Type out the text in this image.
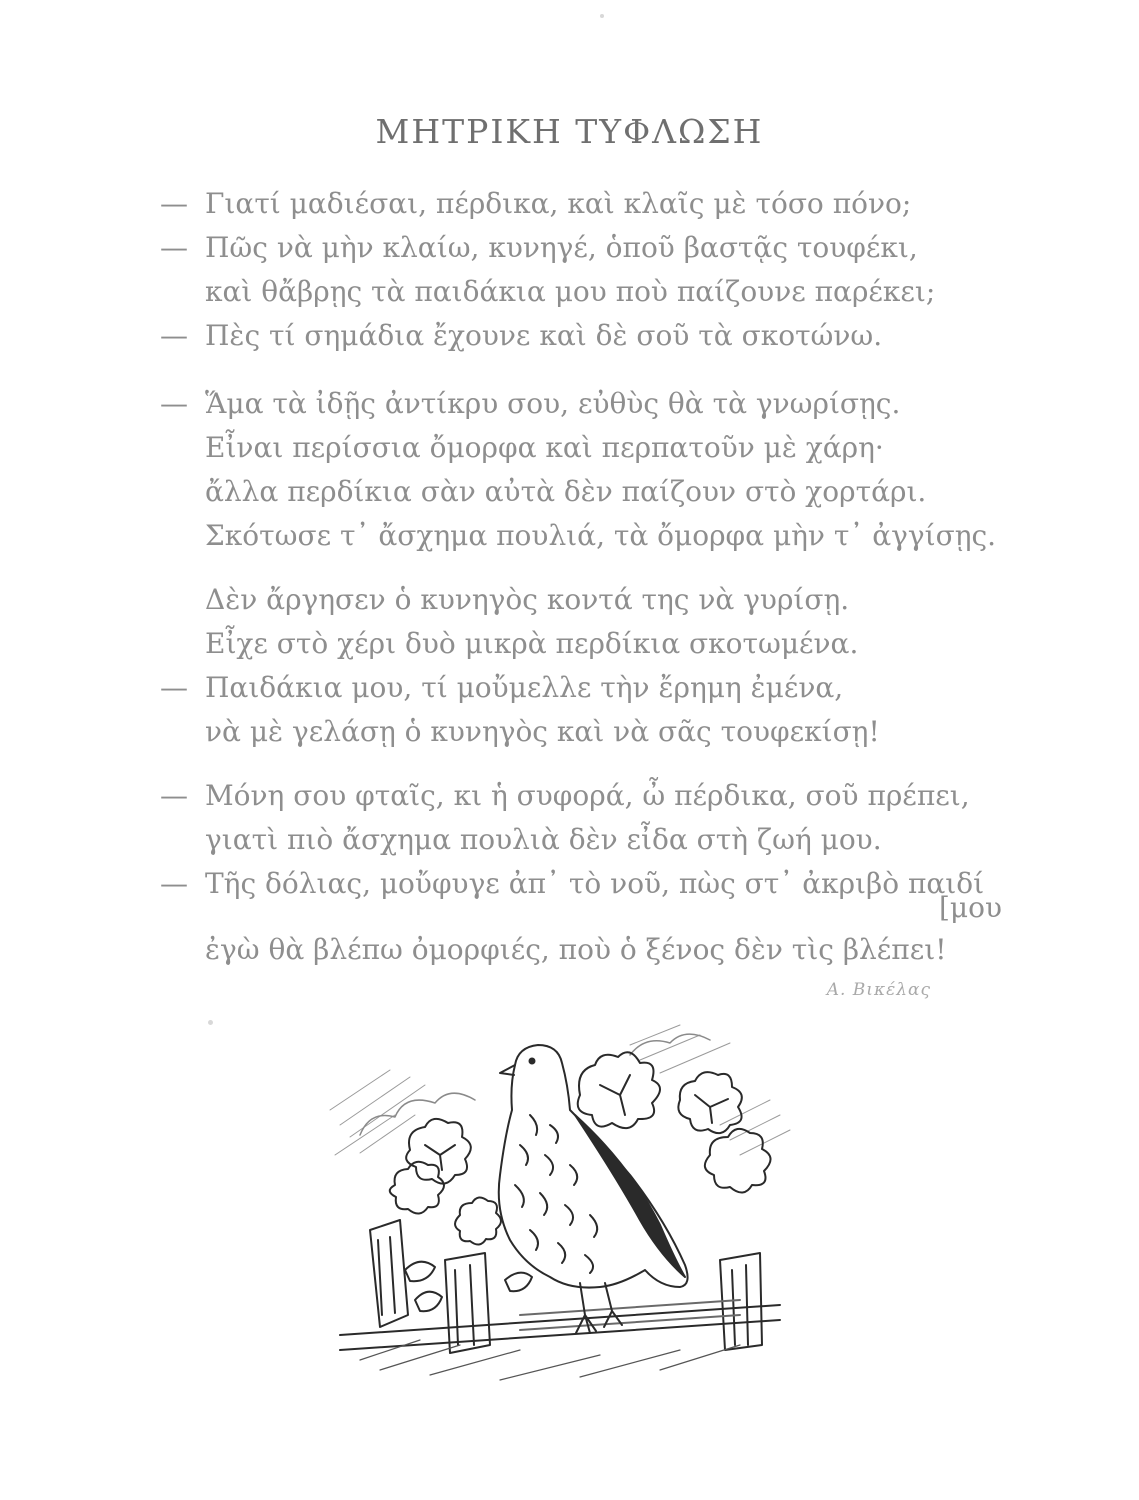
ΜΗΤΡΙΚΗ ΤΥΦΛΩΣΗ
— Γιατί μαδιέσαι, πέρδικα, καὶ κλαῖς μὲ τόσο πόνο;
— Πῶς νὰ μὴν κλαίω, κυνηγέ, ὁποῦ βαστᾷς τουφέκι,
καὶ θἄβρῃς τὰ παιδάκια μου ποὺ παίζουνε παρέκει;
— Πὲς τί σημάδια ἔχουνε καὶ δὲ σοῦ τὰ σκοτώνω.
— Ἅμα τὰ ἰδῇς ἀντίκρυ σου, εὐθὺς θὰ τὰ γνωρίσῃς.
Εἶναι περίσσια ὄμορφα καὶ περπατοῦν μὲ χάρη·
ἄλλα περδίκια σὰν αὐτὰ δὲν παίζουν στὸ χορτάρι.
Σκότωσε τ᾿ ἄσχημα πουλιά, τὰ ὄμορφα μὴν τ᾿ ἀγγίσῃς.
Δὲν ἄργησεν ὁ κυνηγὸς κοντά της νὰ γυρίσῃ.
Εἶχε στὸ χέρι δυὸ μικρὰ περδίκια σκοτωμένα.
— Παιδάκια μου, τί μοὔμελλε τὴν ἔρημη ἐμένα,
νὰ μὲ γελάσῃ ὁ κυνηγὸς καὶ νὰ σᾶς τουφεκίσῃ!
— Μόνη σου φταῖς, κι ἡ συφορά, ὦ πέρδικα, σοῦ πρέπει,
γιατὶ πιὸ ἄσχημα πουλιὰ δὲν εἶδα στὴ ζωή μου.
— Τῆς δόλιας, μοὔφυγε ἀπ᾿ τὸ νοῦ, πὼς στ᾿ ἀκριβὸ παιδί
[μου
ἐγὼ θὰ βλέπω ὀμορφιές, ποὺ ὁ ξένος δὲν τὶς βλέπει!
Α. Βικέλας
